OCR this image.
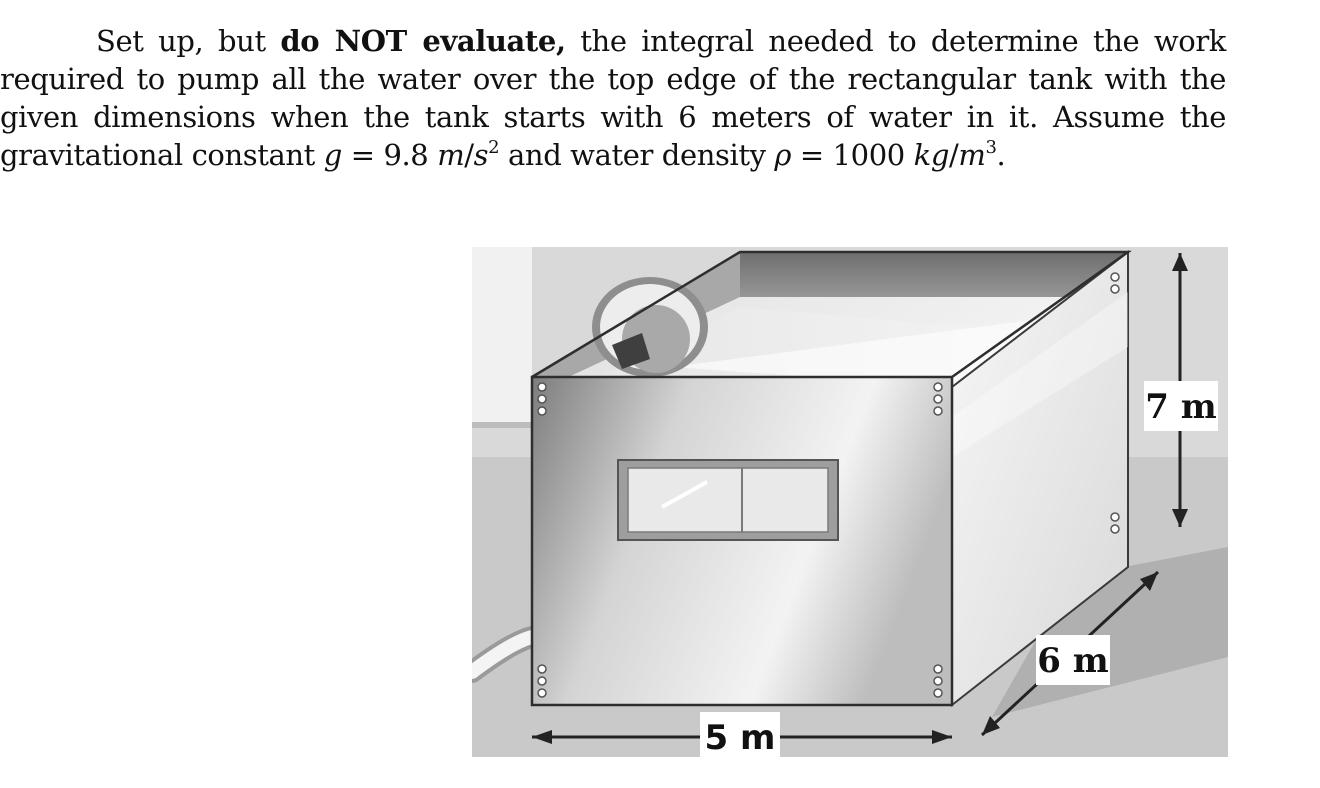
Set up, but do NOT evaluate, the integral needed to determine the work required to pump all the water over the top edge of the rectangular tank with the given dimensions when the tank starts with 6 meters of water in it. Assume the gravitational constant g = 9.8 $m/s^2$ and water density ρ = 1000 $kg/m^3$.
7 m
6 m
5 m
